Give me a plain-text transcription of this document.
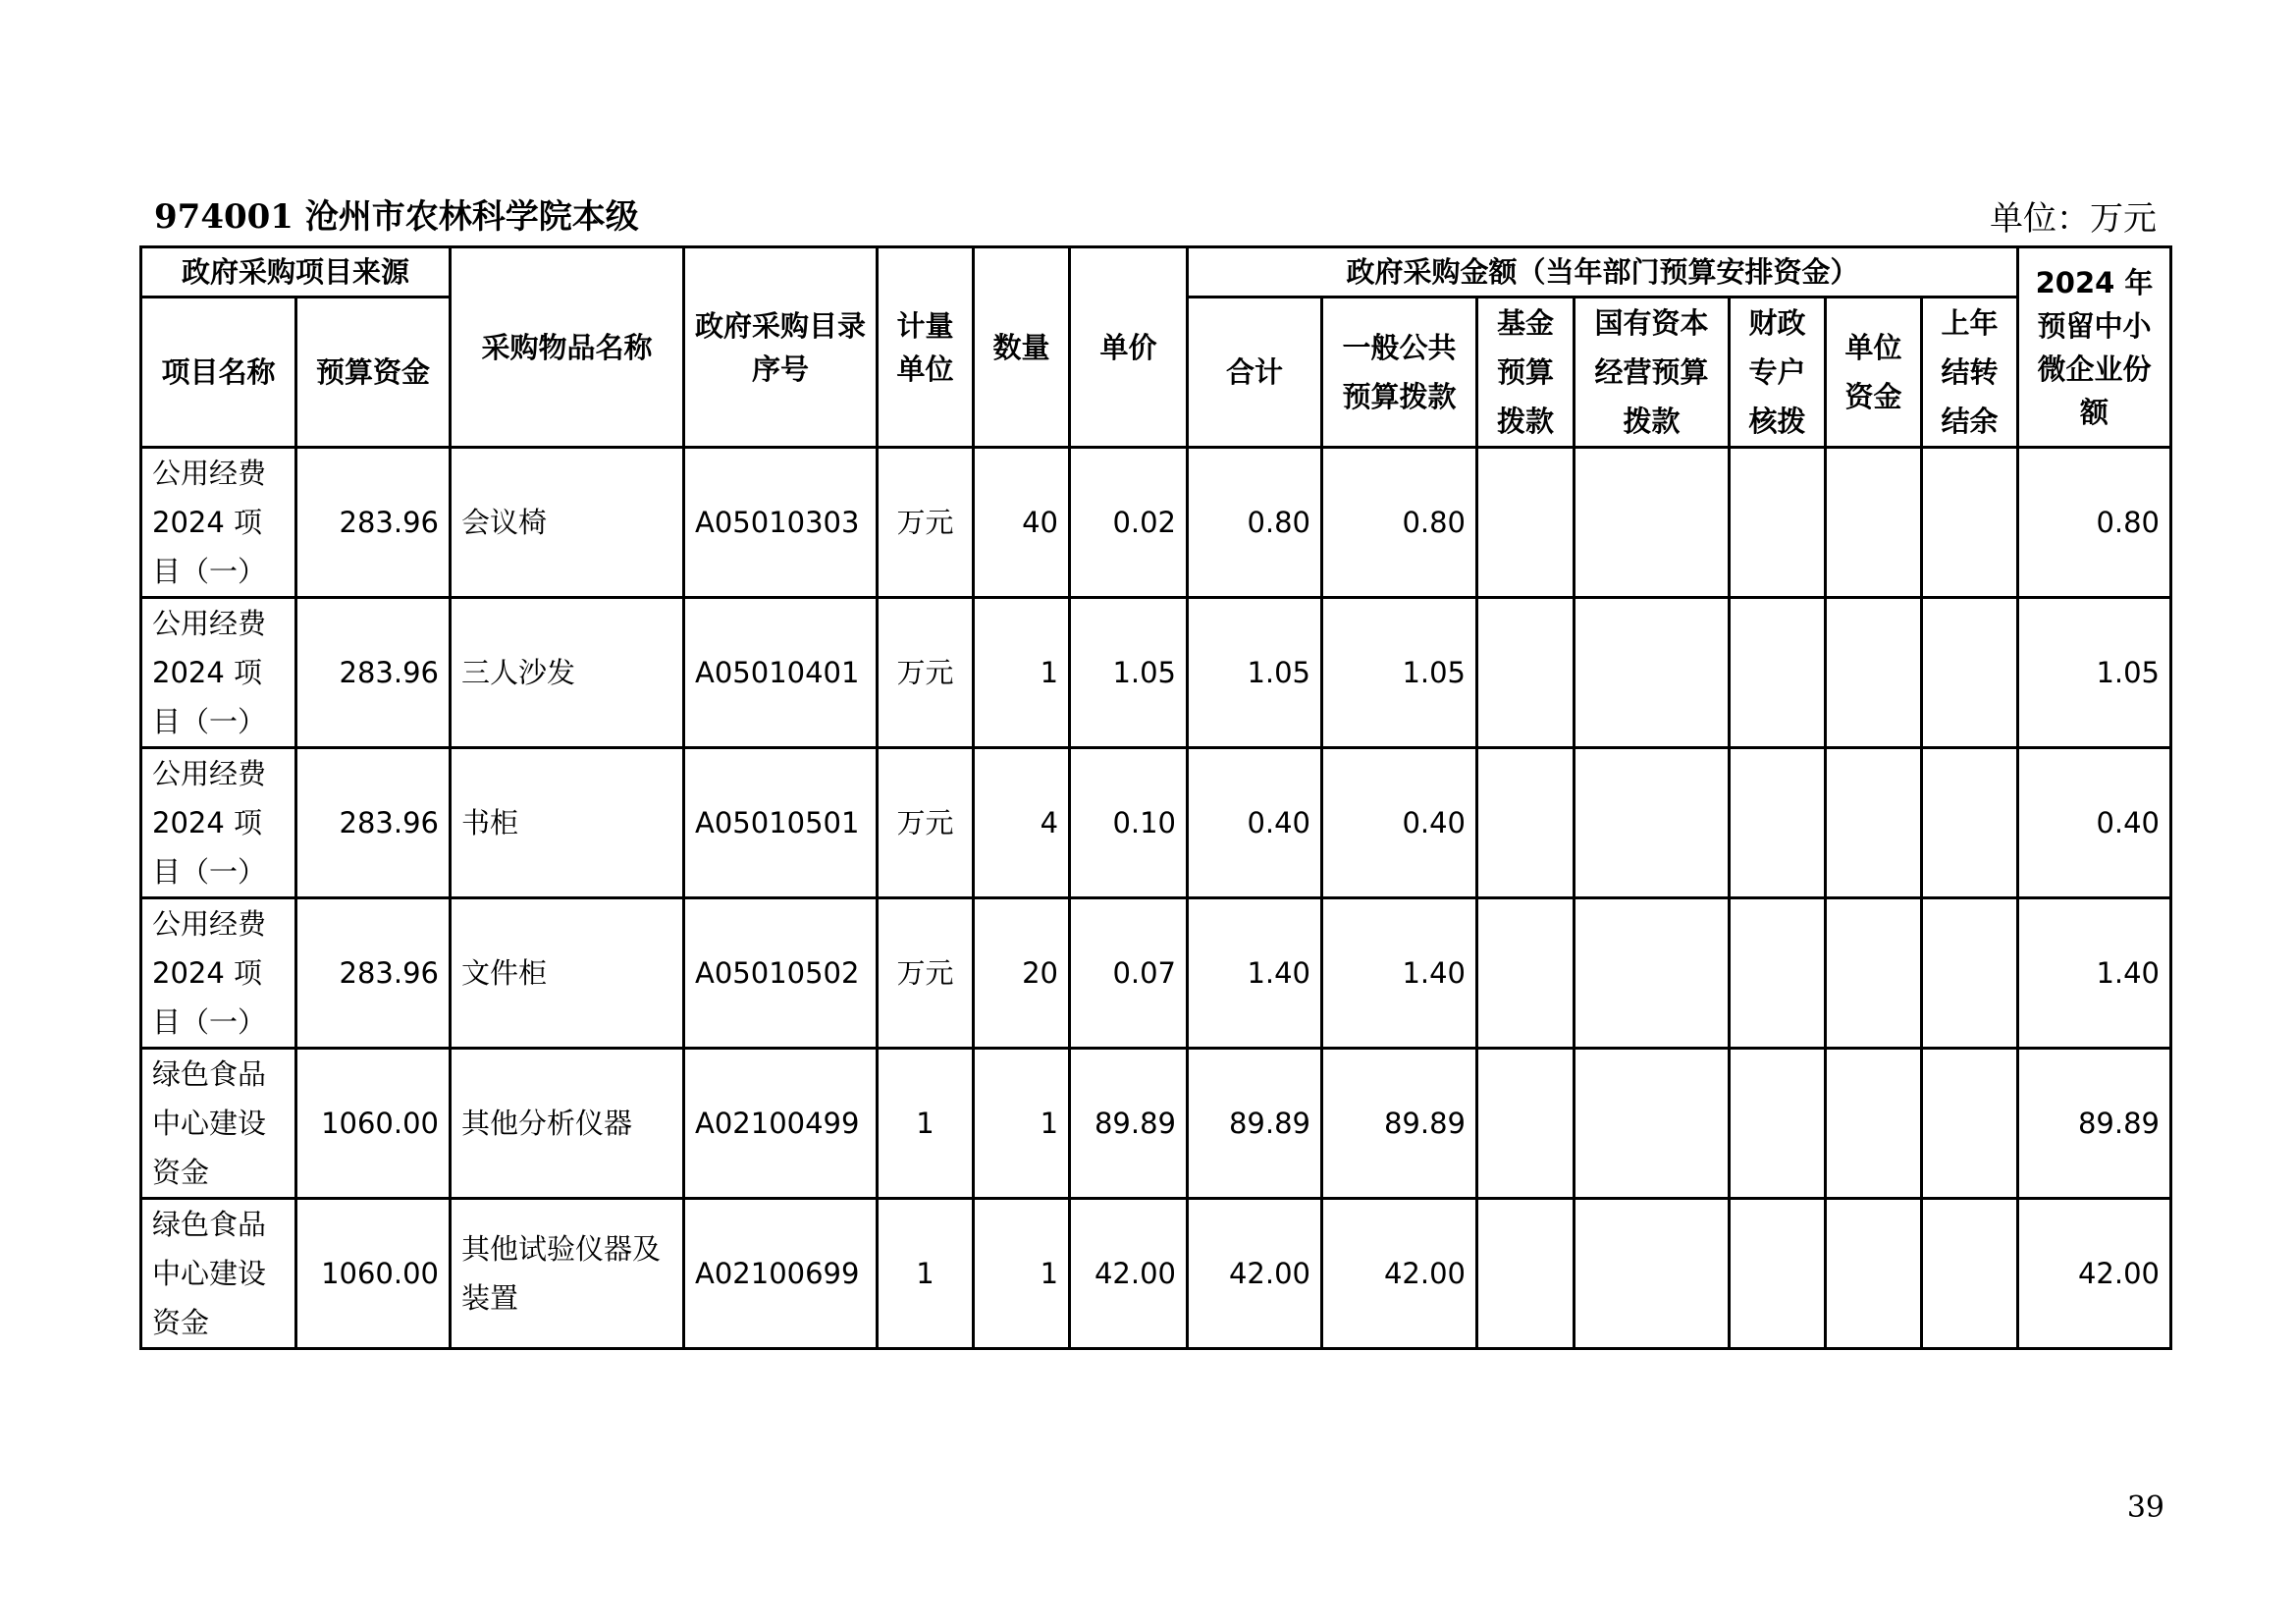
974001 沧州市农林科学院本级	单位：万元
政府采购项目来源		采购物品名称	政府采购目录序号	计量单位	数量	单价	政府采购金额（当年部门预算安排资金）							2024 年预留中小微企业份额
项目名称	预算资金						合计	一般公共预算拨款	基金预算拨款	国有资本经营预算拨款	财政专户核拨	单位资金	上年结转结余	
公用经费2024 项目（一）	283.96	会议椅	A05010303	万元	40	0.02	0.80	0.80						0.80
公用经费2024 项目（一）	283.96	三人沙发	A05010401	万元	1	1.05	1.05	1.05						1.05
公用经费2024 项目（一）	283.96	书柜	A05010501	万元	4	0.10	0.40	0.40						0.40
公用经费2024 项目（一）	283.96	文件柜	A05010502	万元	20	0.07	1.40	1.40						1.40
绿色食品中心建设资金	1060.00	其他分析仪器	A02100499	1	1	89.89	89.89	89.89						89.89
绿色食品中心建设资金	1060.00	其他试验仪器及装置	A02100699	1	1	42.00	42.00	42.00						42.00
39
